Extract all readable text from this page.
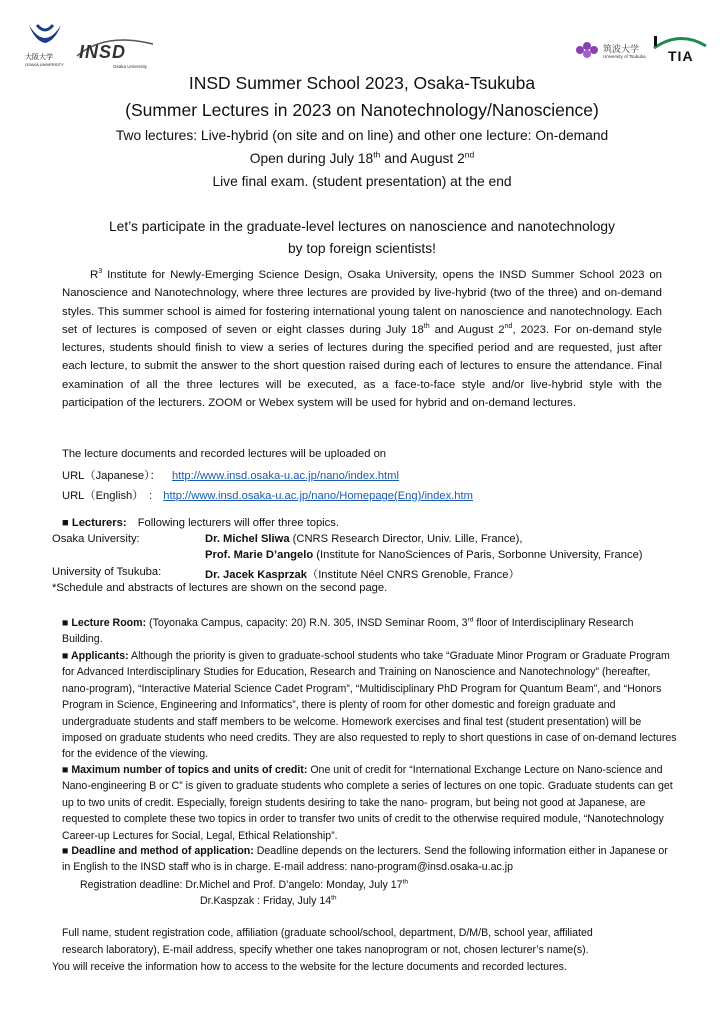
大阪大学
OSAKA UNIVERSITY
INSD
Osaka University
筑波大学
University of Tsukuba TIA
INSD Summer School 2023, Osaka-Tsukuba
(Summer Lectures in 2023 on Nanotechnology/Nanoscience)
Two lectures: Live-hybrid (on site and on line) and other one lecture: On-demand
Open during July 18th and August 2nd
Live final exam. (student presentation) at the end
Let’s participate in the graduate-level lectures on nanoscience and nanotechnology
by top foreign scientists!
$R^3$ Institute for Newly-Emerging Science Design, Osaka University, opens the INSD Summer School 2023 on Nanoscience and Nanotechnology, where three lectures are provided by live-hybrid (two of the three) and on-demand styles. This summer school is aimed for fostering international young talent on nanoscience and nanotechnology. Each set of lectures is composed of seven or eight classes during July 18th and August 2nd, 2023. For on-demand style lectures, students should finish to view a series of lectures during the specified period and are requested, just after each lecture, to submit the answer to the short question raised during each of lectures to ensure the attendance. Final examination of all the three lectures will be executed, as a face-to-face style and/or live-hybrid style with the participation of the lecturers. ZOOM or Webex system will be used for hybrid and on-demand lectures.
The lecture documents and recorded lectures will be uploaded on
URL（Japanese）： http://www.insd.osaka-u.ac.jp/nano/index.html
URL（English）　: http://www.insd.osaka-u.ac.jp/nano/Homepage(Eng)/index.htm
■ Lecturers: Following lecturers will offer three topics.
Osaka University:	Dr. Michel Sliwa (CNRS Research Director, Univ. Lille, France),
Prof. Marie D’angelo (Institute for NanoSciences of Paris, Sorbonne University, France)
University of Tsukuba:	Dr. Jacek Kasprzak（Institute Néel CNRS Grenoble, France）
*Schedule and abstracts of lectures are shown on the second page.
■ Lecture Room: (Toyonaka Campus, capacity: 20) R.N. 305, INSD Seminar Room, 3rd floor of Interdisciplinary Research Building.
■ Applicants: Although the priority is given to graduate-school students who take “Graduate Minor Program or Graduate Program for Advanced Interdisciplinary Studies for Education, Research and Training on Nanoscience and Nanotechnology” (hereafter, nano-program), “Interactive Material Science Cadet Program”, “Multidisciplinary PhD Program for Quantum Beam”, and “Honors Program in Science, Engineering and Informatics”, there is plenty of room for other domestic and foreign graduate and undergraduate students and staff members to be welcome. Homework exercises and final test (student presentation) will be imposed on graduate students who need credits. They are also requested to reply to short questions in case of on-demand lectures for the evidence of the viewing.
■ Maximum number of topics and units of credit: One unit of credit for “International Exchange Lecture on Nano-science and Nano-engineering B or C” is given to graduate students who complete a series of lectures on one topic. Graduate students can get up to two units of credit. Especially, foreign students desiring to take the nano- program, but being not good at Japanese, are requested to complete these two topics in order to transfer two units of credit to the otherwise required module, “Nanotechnology Career-up Lectures for Social, Legal, Ethical Relationship”.
■ Deadline and method of application: Deadline depends on the lecturers. Send the following information either in Japanese or in English to the INSD staff who is in charge. E-mail address: nano-program@insd.osaka-u.ac.jp
Registration deadline: Dr.Michel and Prof. D’angelo: Monday, July 17th
Dr.Kaspzak : Friday, July 14th
Full name, student registration code, affiliation (graduate school/school, department, D/M/B, school year, affiliated
research laboratory), E-mail address, specify whether one takes nanoprogram or not, chosen lecturer’s name(s).
You will receive the information how to access to the website for the lecture documents and recorded lectures.
